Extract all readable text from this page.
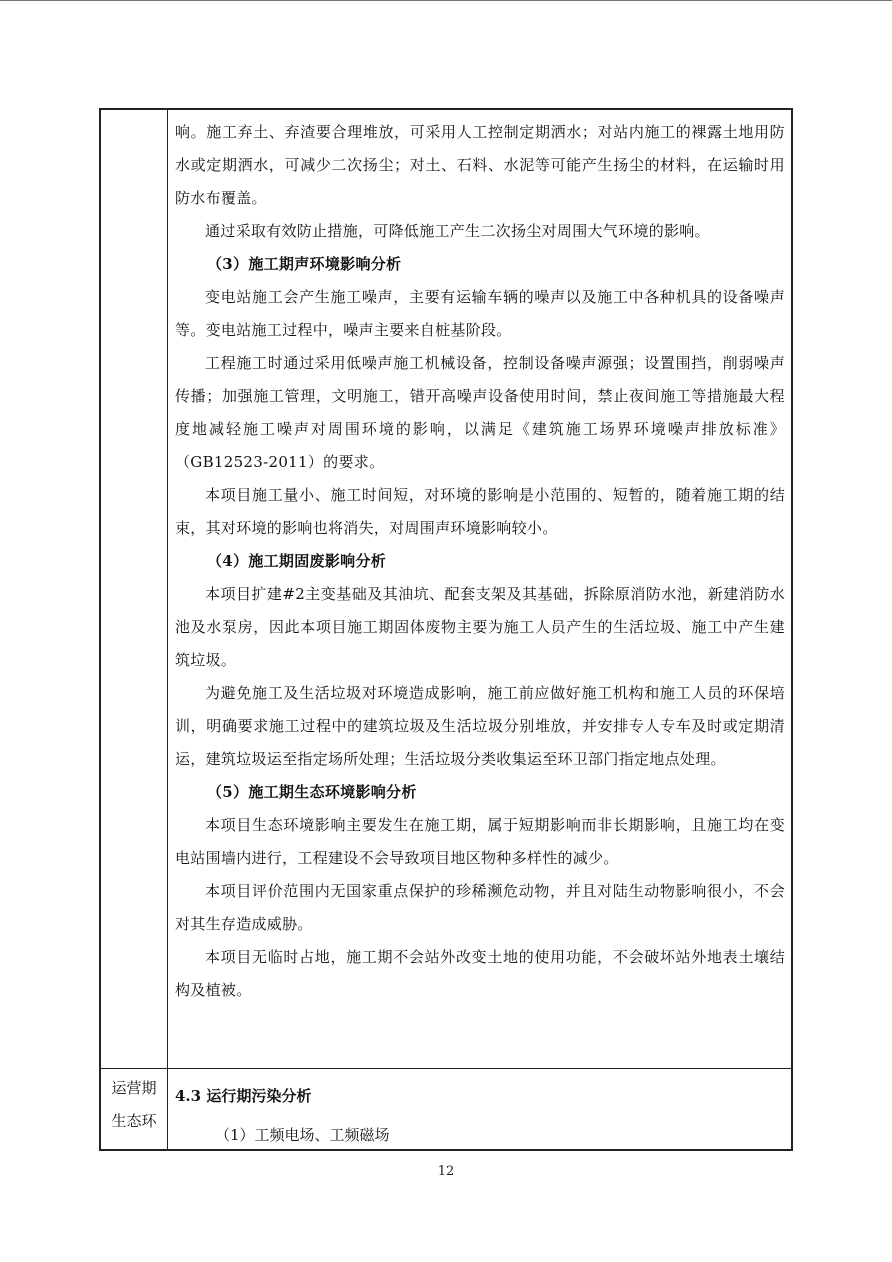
响。施工弃土、弃渣要合理堆放，可采用人工控制定期洒水；对站内施工的裸露土地用防水或定期洒水，可减少二次扬尘；对土、石料、水泥等可能产生扬尘的材料，在运输时用防水布覆盖。

通过采取有效防止措施，可降低施工产生二次扬尘对周围大气环境的影响。

（3）施工期声环境影响分析

变电站施工会产生施工噪声，主要有运输车辆的噪声以及施工中各种机具的设备噪声等。变电站施工过程中，噪声主要来自桩基阶段。

工程施工时通过采用低噪声施工机械设备，控制设备噪声源强；设置围挡，削弱噪声传播；加强施工管理，文明施工，错开高噪声设备使用时间，禁止夜间施工等措施最大程度地减轻施工噪声对周围环境的影响，以满足《建筑施工场界环境噪声排放标准》（GB12523-2011）的要求。

本项目施工量小、施工时间短，对环境的影响是小范围的、短暂的，随着施工期的结束，其对环境的影响也将消失，对周围声环境影响较小。

（4）施工期固废影响分析

本项目扩建#2主变基础及其油坑、配套支架及其基础，拆除原消防水池，新建消防水池及水泵房，因此本项目施工期固体废物主要为施工人员产生的生活垃圾、施工中产生建筑垃圾。

为避免施工及生活垃圾对环境造成影响，施工前应做好施工机构和施工人员的环保培训，明确要求施工过程中的建筑垃圾及生活垃圾分别堆放，并安排专人专车及时或定期清运，建筑垃圾运至指定场所处理；生活垃圾分类收集运至环卫部门指定地点处理。

（5）施工期生态环境影响分析

本项目生态环境影响主要发生在施工期，属于短期影响而非长期影响，且施工均在变电站围墙内进行，工程建设不会导致项目地区物种多样性的减少。

本项目评价范围内无国家重点保护的珍稀濒危动物，并且对陆生动物影响很小，不会对其生存造成威胁。

本项目无临时占地，施工期不会站外改变土地的使用功能，不会破坏站外地表土壤结构及植被。

运营期
生态环

4.3 运行期污染分析

（1）工频电场、工频磁场

12
